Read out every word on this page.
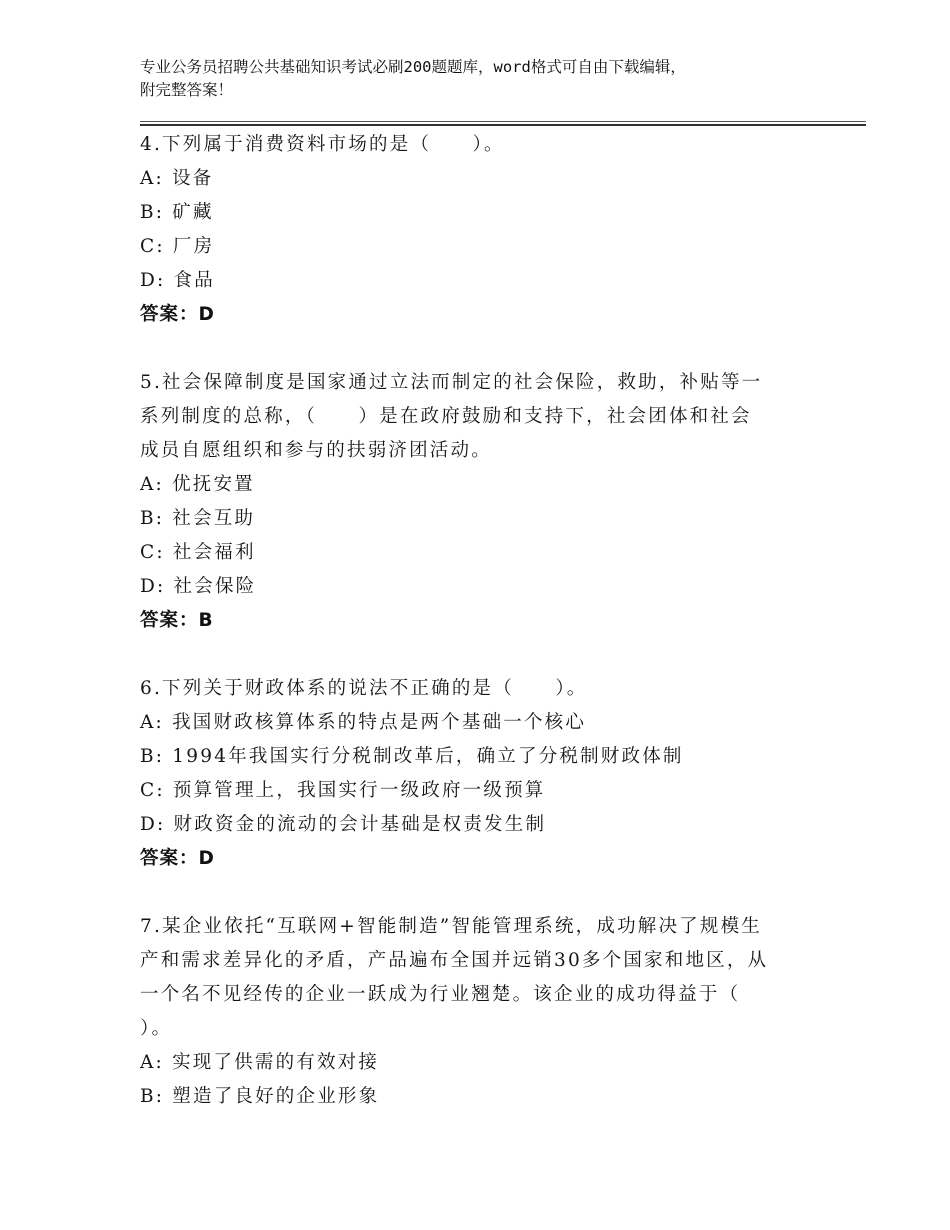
专业公务员招聘公共基础知识考试必刷200题题库，word格式可自由下载编辑，
附完整答案！
4.下列属于消费资料市场的是（　　）。
A: 设备
B: 矿藏
C: 厂房
D: 食品
答案：D
5.社会保障制度是国家通过立法而制定的社会保险，救助，补贴等一
系列制度的总称，（　　）是在政府鼓励和支持下，社会团体和社会
成员自愿组织和参与的扶弱济团活动。
A: 优抚安置
B: 社会互助
C: 社会福利
D: 社会保险
答案：B
6.下列关于财政体系的说法不正确的是（　　）。
A: 我国财政核算体系的特点是两个基础一个核心
B: 1994年我国实行分税制改革后，确立了分税制财政体制
C: 预算管理上，我国实行一级政府一级预算
D: 财政资金的流动的会计基础是权责发生制
答案：D
7.某企业依托“互联网+智能制造”智能管理系统，成功解决了规模生
产和需求差异化的矛盾，产品遍布全国并远销30多个国家和地区，从
一个名不见经传的企业一跃成为行业翘楚。该企业的成功得益于（
）。
A: 实现了供需的有效对接
B: 塑造了良好的企业形象
